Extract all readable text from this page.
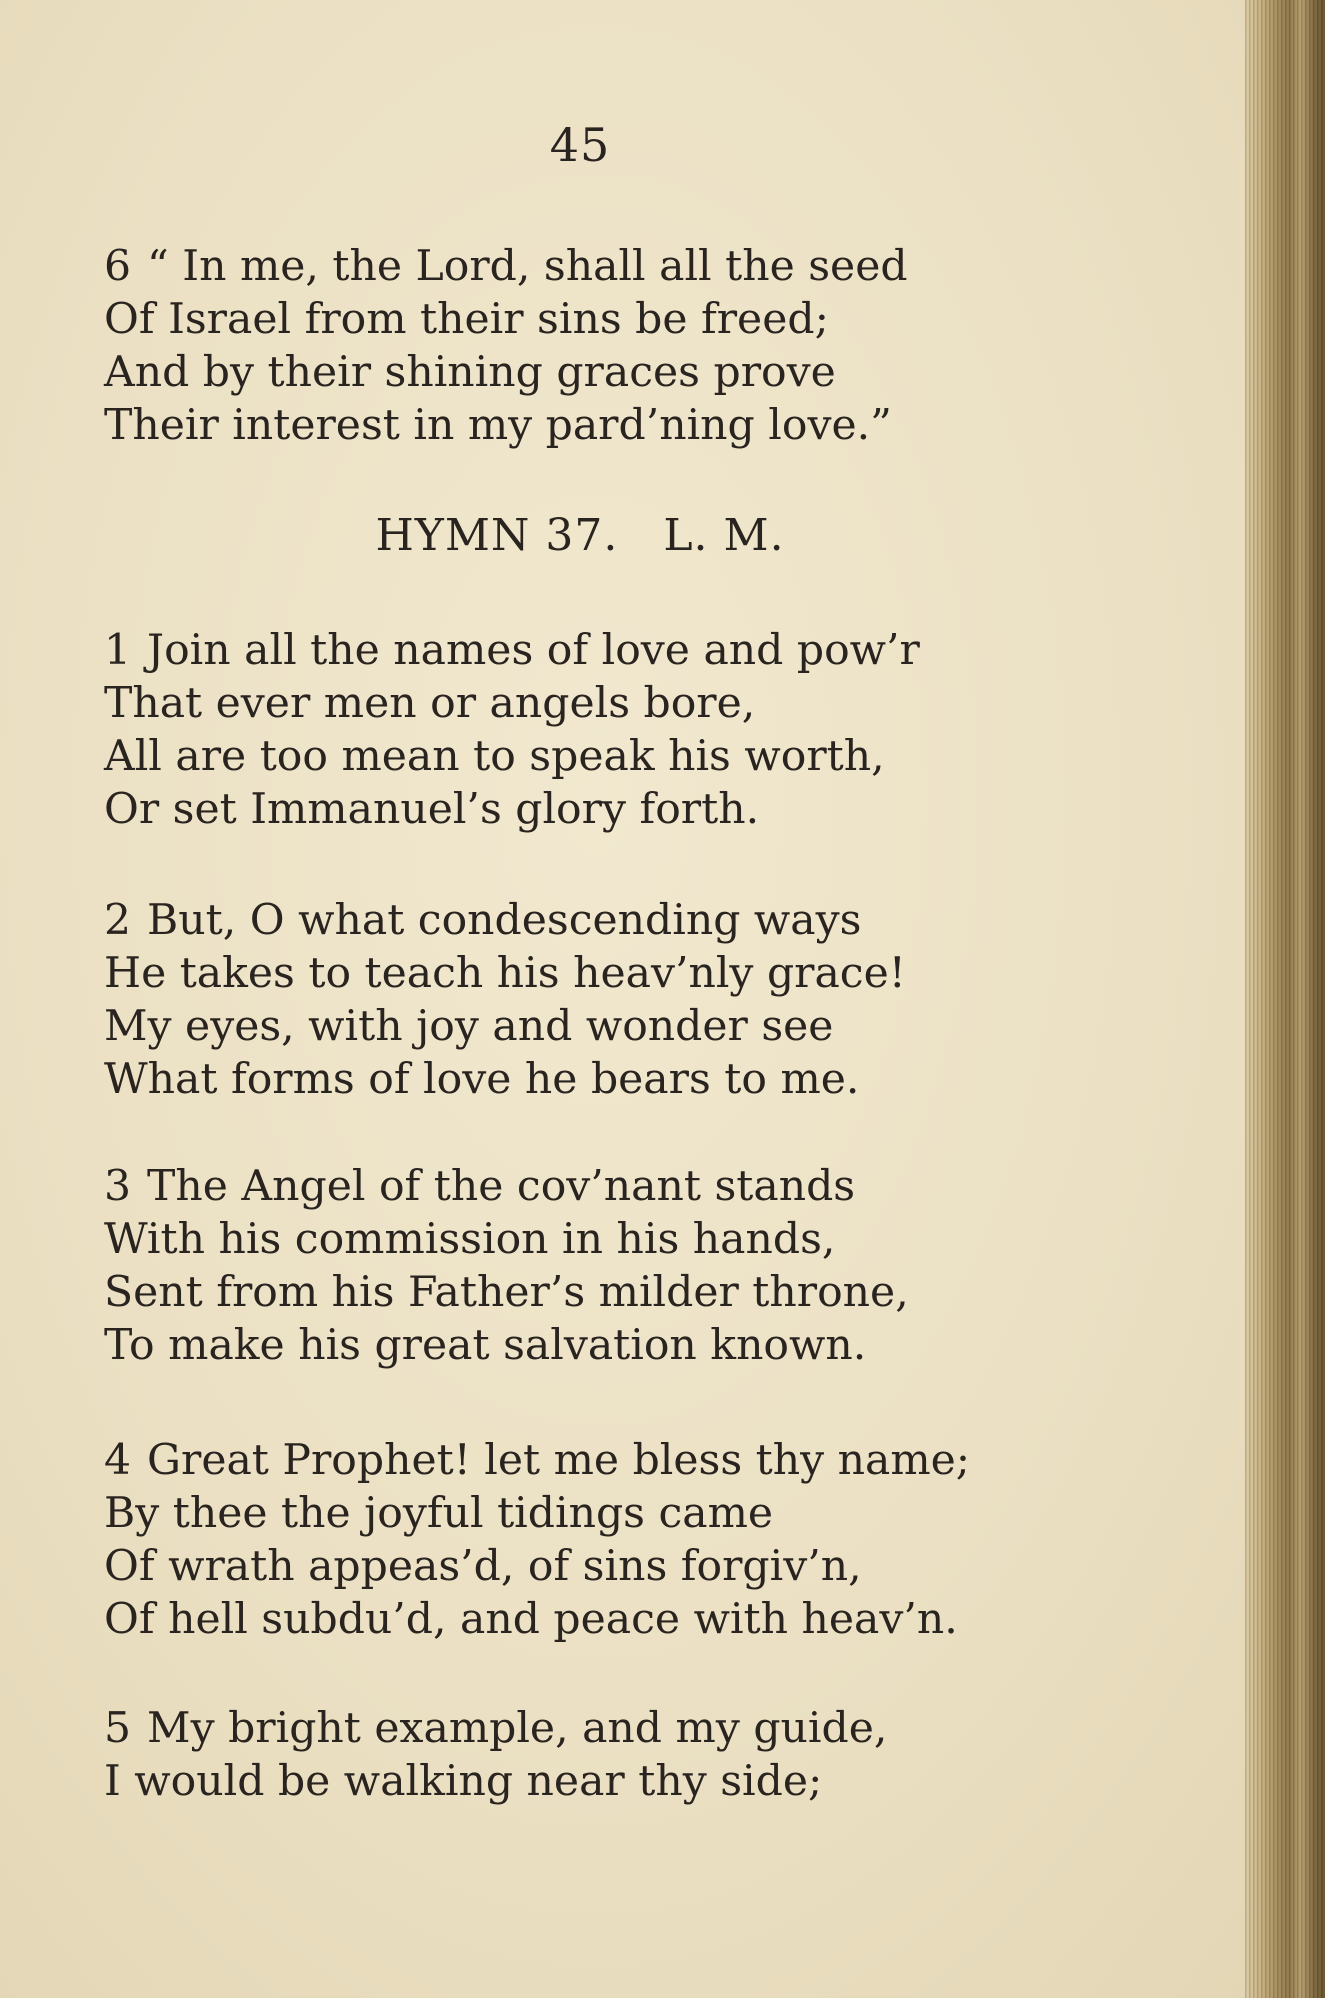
45
6 “ In me, the Lord, shall all the seed
Of Israel from their sins be freed;
And by their shining graces prove
Their interest in my pard’ning love.”
HYMN 37.   L. M.
1 Join all the names of love and pow’r
That ever men or angels bore,
All are too mean to speak his worth,
Or set Immanuel’s glory forth.
2 But, O what condescending ways
He takes to teach his heav’nly grace!
My eyes, with joy and wonder see
What forms of love he bears to me.
3 The Angel of the cov’nant stands
With his commission in his hands,
Sent from his Father’s milder throne,
To make his great salvation known.
4 Great Prophet! let me bless thy name;
By thee the joyful tidings came
Of wrath appeas’d, of sins forgiv’n,
Of hell subdu’d, and peace with heav’n.
5 My bright example, and my guide,
I would be walking near thy side;
